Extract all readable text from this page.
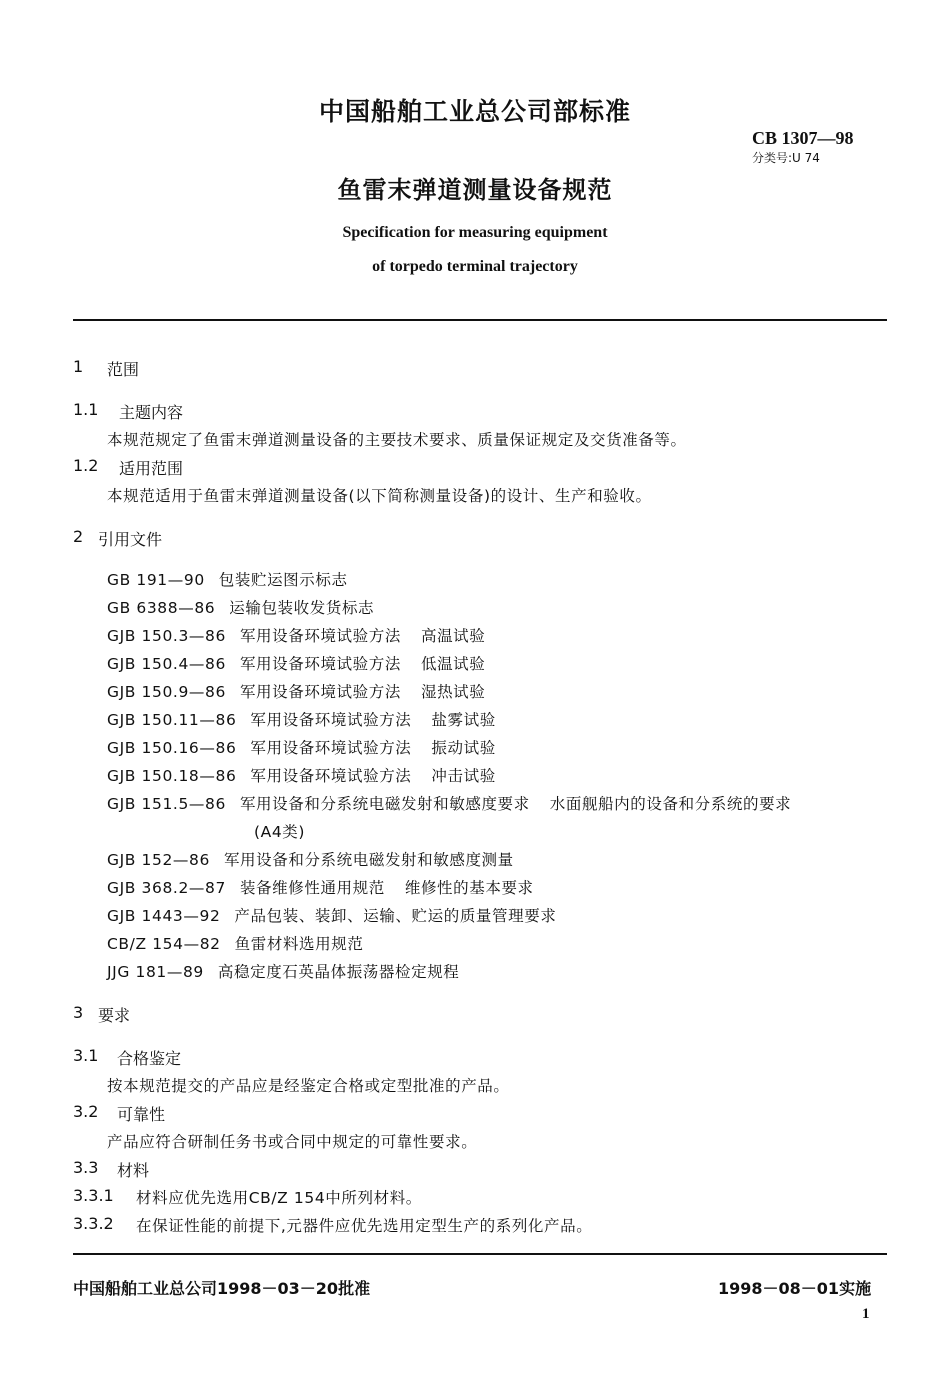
中国船舶工业总公司部标准
CB 1307—98
分类号:U 74
鱼雷末弹道测量设备规范
Specification for measuring equipment
of torpedo terminal trajectory
1 范围
1.1 主题内容
本规范规定了鱼雷末弹道测量设备的主要技术要求、质量保证规定及交货准备等。
1.2 适用范围
本规范适用于鱼雷末弹道测量设备(以下简称测量设备)的设计、生产和验收。
2 引用文件
GB 191—90 包装贮运图示标志
GB 6388—86 运输包装收发货标志
GJB 150.3—86 军用设备环境试验方法 高温试验
GJB 150.4—86 军用设备环境试验方法 低温试验
GJB 150.9—86 军用设备环境试验方法 湿热试验
GJB 150.11—86 军用设备环境试验方法 盐雾试验
GJB 150.16—86 军用设备环境试验方法 振动试验
GJB 150.18—86 军用设备环境试验方法 冲击试验
GJB 151.5—86 军用设备和分系统电磁发射和敏感度要求 水面舰船内的设备和分系统的要求
(A4类)
GJB 152—86 军用设备和分系统电磁发射和敏感度测量
GJB 368.2—87 装备维修性通用规范 维修性的基本要求
GJB 1443—92 产品包装、装卸、运输、贮运的质量管理要求
CB/Z 154—82 鱼雷材料选用规范
JJG 181—89 高稳定度石英晶体振荡器检定规程
3 要求
3.1 合格鉴定
按本规范提交的产品应是经鉴定合格或定型批准的产品。
3.2 可靠性
产品应符合研制任务书或合同中规定的可靠性要求。
3.3 材料
3.3.1 材料应优先选用CB/Z 154中所列材料。
3.3.2 在保证性能的前提下,元器件应优先选用定型生产的系列化产品。
中国船舶工业总公司1998－03－20批准	1998－08－01实施
1
